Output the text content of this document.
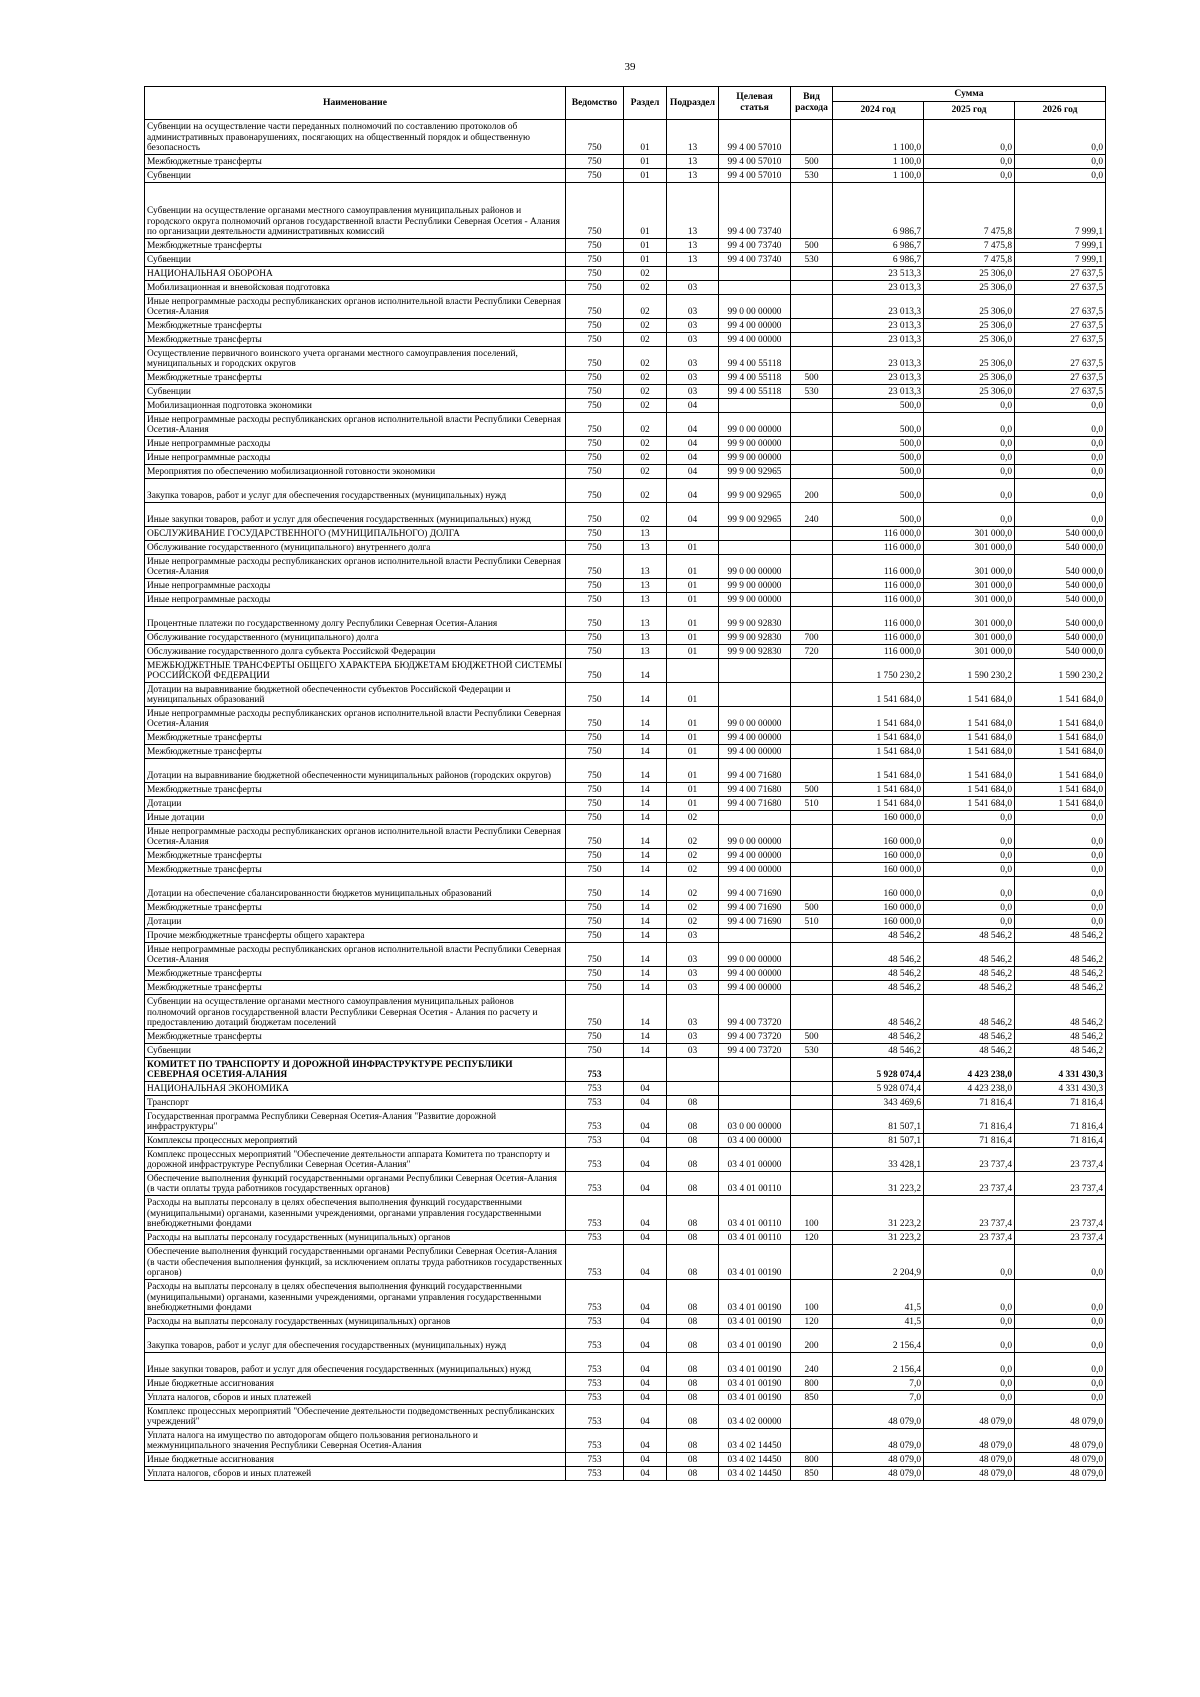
39
Наименование	Ведомство	Раздел	Подраздел	Целевая статья	Вид расхода	Сумма		
						2024 год	2025 год	2026 год
Субвенции на осуществление части переданных полномочий по составлению протоколов об административных правонарушениях, посягающих на общественный порядок и общественную безопасность	750	01	13	99 4 00 57010		1 100,0	0,0	0,0
Межбюджетные трансферты	750	01	13	99 4 00 57010	500	1 100,0	0,0	0,0
Субвенции	750	01	13	99 4 00 57010	530	1 100,0	0,0	0,0
Субвенции на осуществление органами местного самоуправления муниципальных районов и городского округа полномочий органов государственной власти Республики Северная Осетия - Алания по организации деятельности административных комиссий	750	01	13	99 4 00 73740		6 986,7	7 475,8	7 999,1
Межбюджетные трансферты	750	01	13	99 4 00 73740	500	6 986,7	7 475,8	7 999,1
Субвенции	750	01	13	99 4 00 73740	530	6 986,7	7 475,8	7 999,1
НАЦИОНАЛЬНАЯ ОБОРОНА	750	02				23 513,3	25 306,0	27 637,5
Мобилизационная и вневойсковая подготовка	750	02	03			23 013,3	25 306,0	27 637,5
Иные непрограммные расходы республиканских органов исполнительной власти Республики Северная Осетия-Алания	750	02	03	99 0 00 00000		23 013,3	25 306,0	27 637,5
Межбюджетные трансферты	750	02	03	99 4 00 00000		23 013,3	25 306,0	27 637,5
Межбюджетные трансферты	750	02	03	99 4 00 00000		23 013,3	25 306,0	27 637,5
Осуществление первичного воинского учета органами местного самоуправления поселений, муниципальных и городских округов	750	02	03	99 4 00 55118		23 013,3	25 306,0	27 637,5
Межбюджетные трансферты	750	02	03	99 4 00 55118	500	23 013,3	25 306,0	27 637,5
Субвенции	750	02	03	99 4 00 55118	530	23 013,3	25 306,0	27 637,5
Мобилизационная подготовка экономики	750	02	04			500,0	0,0	0,0
Иные непрограммные расходы республиканских органов исполнительной власти Республики Северная Осетия-Алания	750	02	04	99 0 00 00000		500,0	0,0	0,0
Иные непрограммные расходы	750	02	04	99 9 00 00000		500,0	0,0	0,0
Иные непрограммные расходы	750	02	04	99 9 00 00000		500,0	0,0	0,0
Мероприятия по обеспечению мобилизационной готовности экономики	750	02	04	99 9 00 92965		500,0	0,0	0,0
Закупка товаров, работ и услуг для обеспечения государственных (муниципальных) нужд	750	02	04	99 9 00 92965	200	500,0	0,0	0,0
Иные закупки товаров, работ и услуг для обеспечения государственных (муниципальных) нужд	750	02	04	99 9 00 92965	240	500,0	0,0	0,0
ОБСЛУЖИВАНИЕ ГОСУДАРСТВЕННОГО (МУНИЦИПАЛЬНОГО) ДОЛГА	750	13				116 000,0	301 000,0	540 000,0
Обслуживание государственного (муниципального) внутреннего долга	750	13	01			116 000,0	301 000,0	540 000,0
Иные непрограммные расходы республиканских органов исполнительной власти Республики Северная Осетия-Алания	750	13	01	99 0 00 00000		116 000,0	301 000,0	540 000,0
Иные непрограммные расходы	750	13	01	99 9 00 00000		116 000,0	301 000,0	540 000,0
Иные непрограммные расходы	750	13	01	99 9 00 00000		116 000,0	301 000,0	540 000,0
Процентные платежи по государственному долгу Республики Северная Осетия-Алания	750	13	01	99 9 00 92830		116 000,0	301 000,0	540 000,0
Обслуживание государственного (муниципального) долга	750	13	01	99 9 00 92830	700	116 000,0	301 000,0	540 000,0
Обслуживание государственного долга субъекта Российской Федерации	750	13	01	99 9 00 92830	720	116 000,0	301 000,0	540 000,0
МЕЖБЮДЖЕТНЫЕ ТРАНСФЕРТЫ ОБЩЕГО ХАРАКТЕРА БЮДЖЕТАМ БЮДЖЕТНОЙ СИСТЕМЫ РОССИЙСКОЙ ФЕДЕРАЦИИ	750	14				1 750 230,2	1 590 230,2	1 590 230,2
Дотации на выравнивание бюджетной обеспеченности субъектов Российской Федерации и муниципальных образований	750	14	01			1 541 684,0	1 541 684,0	1 541 684,0
Иные непрограммные расходы республиканских органов исполнительной власти Республики Северная Осетия-Алания	750	14	01	99 0 00 00000		1 541 684,0	1 541 684,0	1 541 684,0
Межбюджетные трансферты	750	14	01	99 4 00 00000		1 541 684,0	1 541 684,0	1 541 684,0
Межбюджетные трансферты	750	14	01	99 4 00 00000		1 541 684,0	1 541 684,0	1 541 684,0
Дотации на выравнивание бюджетной обеспеченности муниципальных районов (городских округов)	750	14	01	99 4 00 71680		1 541 684,0	1 541 684,0	1 541 684,0
Межбюджетные трансферты	750	14	01	99 4 00 71680	500	1 541 684,0	1 541 684,0	1 541 684,0
Дотации	750	14	01	99 4 00 71680	510	1 541 684,0	1 541 684,0	1 541 684,0
Иные дотации	750	14	02			160 000,0	0,0	0,0
Иные непрограммные расходы республиканских органов исполнительной власти Республики Северная Осетия-Алания	750	14	02	99 0 00 00000		160 000,0	0,0	0,0
Межбюджетные трансферты	750	14	02	99 4 00 00000		160 000,0	0,0	0,0
Межбюджетные трансферты	750	14	02	99 4 00 00000		160 000,0	0,0	0,0
Дотации на обеспечение сбалансированности бюджетов муниципальных образований	750	14	02	99 4 00 71690		160 000,0	0,0	0,0
Межбюджетные трансферты	750	14	02	99 4 00 71690	500	160 000,0	0,0	0,0
Дотации	750	14	02	99 4 00 71690	510	160 000,0	0,0	0,0
Прочие межбюджетные трансферты общего характера	750	14	03			48 546,2	48 546,2	48 546,2
Иные непрограммные расходы республиканских органов исполнительной власти Республики Северная Осетия-Алания	750	14	03	99 0 00 00000		48 546,2	48 546,2	48 546,2
Межбюджетные трансферты	750	14	03	99 4 00 00000		48 546,2	48 546,2	48 546,2
Межбюджетные трансферты	750	14	03	99 4 00 00000		48 546,2	48 546,2	48 546,2
Субвенции на осуществление органами местного самоуправления муниципальных районов полномочий органов государственной власти Республики Северная Осетия - Алания по расчету и предоставлению дотаций бюджетам поселений	750	14	03	99 4 00 73720		48 546,2	48 546,2	48 546,2
Межбюджетные трансферты	750	14	03	99 4 00 73720	500	48 546,2	48 546,2	48 546,2
Субвенции	750	14	03	99 4 00 73720	530	48 546,2	48 546,2	48 546,2
КОМИТЕТ ПО ТРАНСПОРТУ И ДОРОЖНОЙ ИНФРАСТРУКТУРЕ РЕСПУБЛИКИ СЕВЕРНАЯ ОСЕТИЯ-АЛАНИЯ	753					5 928 074,4	4 423 238,0	4 331 430,3
НАЦИОНАЛЬНАЯ ЭКОНОМИКА	753	04				5 928 074,4	4 423 238,0	4 331 430,3
Транспорт	753	04	08			343 469,6	71 816,4	71 816,4
Государственная программа Республики Северная Осетия-Алания "Развитие дорожной инфраструктуры"	753	04	08	03 0 00 00000		81 507,1	71 816,4	71 816,4
Комплексы процессных мероприятий	753	04	08	03 4 00 00000		81 507,1	71 816,4	71 816,4
Комплекс процессных мероприятий "Обеспечение деятельности аппарата Комитета по транспорту и дорожной инфраструктуре Республики Северная Осетия-Алания"	753	04	08	03 4 01 00000		33 428,1	23 737,4	23 737,4
Обеспечение выполнения функций государственными органами Республики Северная Осетия-Алания (в части оплаты труда работников государственных органов)	753	04	08	03 4 01 00110		31 223,2	23 737,4	23 737,4
Расходы на выплаты персоналу в целях обеспечения выполнения функций государственными (муниципальными) органами, казенными учреждениями, органами управления государственными внебюджетными фондами	753	04	08	03 4 01 00110	100	31 223,2	23 737,4	23 737,4
Расходы на выплаты персоналу государственных (муниципальных) органов	753	04	08	03 4 01 00110	120	31 223,2	23 737,4	23 737,4
Обеспечение выполнения функций государственными органами Республики Северная Осетия-Алания (в части обеспечения выполнения функций, за исключением оплаты труда работников государственных органов)	753	04	08	03 4 01 00190		2 204,9	0,0	0,0
Расходы на выплаты персоналу в целях обеспечения выполнения функций государственными (муниципальными) органами, казенными учреждениями, органами управления государственными внебюджетными фондами	753	04	08	03 4 01 00190	100	41,5	0,0	0,0
Расходы на выплаты персоналу государственных (муниципальных) органов	753	04	08	03 4 01 00190	120	41,5	0,0	0,0
Закупка товаров, работ и услуг для обеспечения государственных (муниципальных) нужд	753	04	08	03 4 01 00190	200	2 156,4	0,0	0,0
Иные закупки товаров, работ и услуг для обеспечения государственных (муниципальных) нужд	753	04	08	03 4 01 00190	240	2 156,4	0,0	0,0
Иные бюджетные ассигнования	753	04	08	03 4 01 00190	800	7,0	0,0	0,0
Уплата налогов, сборов и иных платежей	753	04	08	03 4 01 00190	850	7,0	0,0	0,0
Комплекс процессных мероприятий "Обеспечение деятельности подведомственных республиканских учреждений"	753	04	08	03 4 02 00000		48 079,0	48 079,0	48 079,0
Уплата налога на имущество по автодорогам общего пользования регионального и межмуниципального значения Республики Северная Осетия-Алания	753	04	08	03 4 02 14450		48 079,0	48 079,0	48 079,0
Иные бюджетные ассигнования	753	04	08	03 4 02 14450	800	48 079,0	48 079,0	48 079,0
Уплата налогов, сборов и иных платежей	753	04	08	03 4 02 14450	850	48 079,0	48 079,0	48 079,0
